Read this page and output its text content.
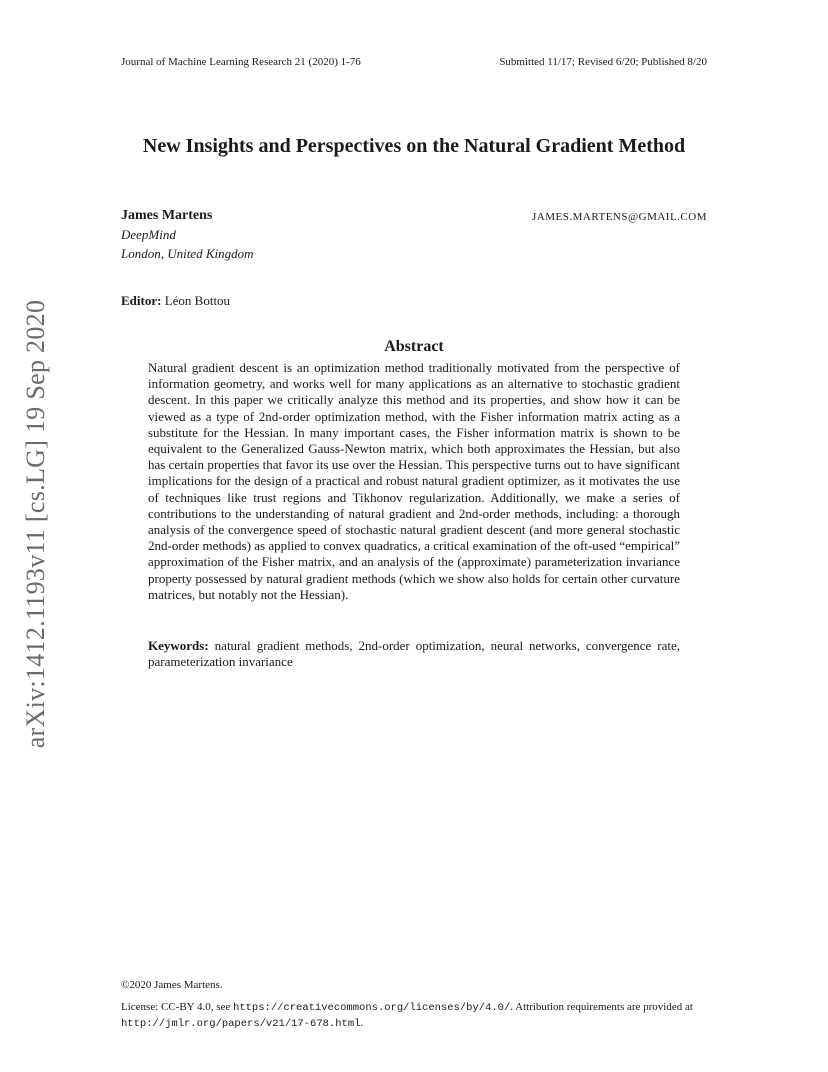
Journal of Machine Learning Research 21 (2020) 1-76	Submitted 11/17; Revised 6/20; Published 8/20
New Insights and Perspectives on the Natural Gradient Method
James Martens	JAMES.MARTENS@GMAIL.COM
DeepMind
London, United Kingdom
Editor: Léon Bottou
Abstract

Natural gradient descent is an optimization method traditionally motivated from the perspective of information geometry, and works well for many applications as an alternative to stochastic gradient descent. In this paper we critically analyze this method and its properties, and show how it can be viewed as a type of 2nd-order optimization method, with the Fisher information matrix acting as a substitute for the Hessian. In many important cases, the Fisher information matrix is shown to be equivalent to the Generalized Gauss-Newton matrix, which both approximates the Hessian, but also has certain properties that favor its use over the Hessian. This perspective turns out to have significant implications for the design of a practical and robust natural gradient optimizer, as it motivates the use of techniques like trust regions and Tikhonov regularization. Additionally, we make a series of contributions to the understanding of natural gradient and 2nd-order methods, including: a thorough analysis of the convergence speed of stochastic natural gradient descent (and more general stochastic 2nd-order methods) as applied to convex quadratics, a critical examination of the oft-used “empirical” approximation of the Fisher matrix, and an analysis of the (approximate) parameterization invariance property possessed by natural gradient methods (which we show also holds for certain other curvature matrices, but notably not the Hessian).

Keywords: natural gradient methods, 2nd-order optimization, neural networks, convergence rate, parameterization invariance

arXiv:1412.1193v11 [cs.LG] 19 Sep 2020
©2020 James Martens.

License: CC-BY 4.0, see https://creativecommons.org/licenses/by/4.0/. Attribution requirements are provided at http://jmlr.org/papers/v21/17-678.html.
